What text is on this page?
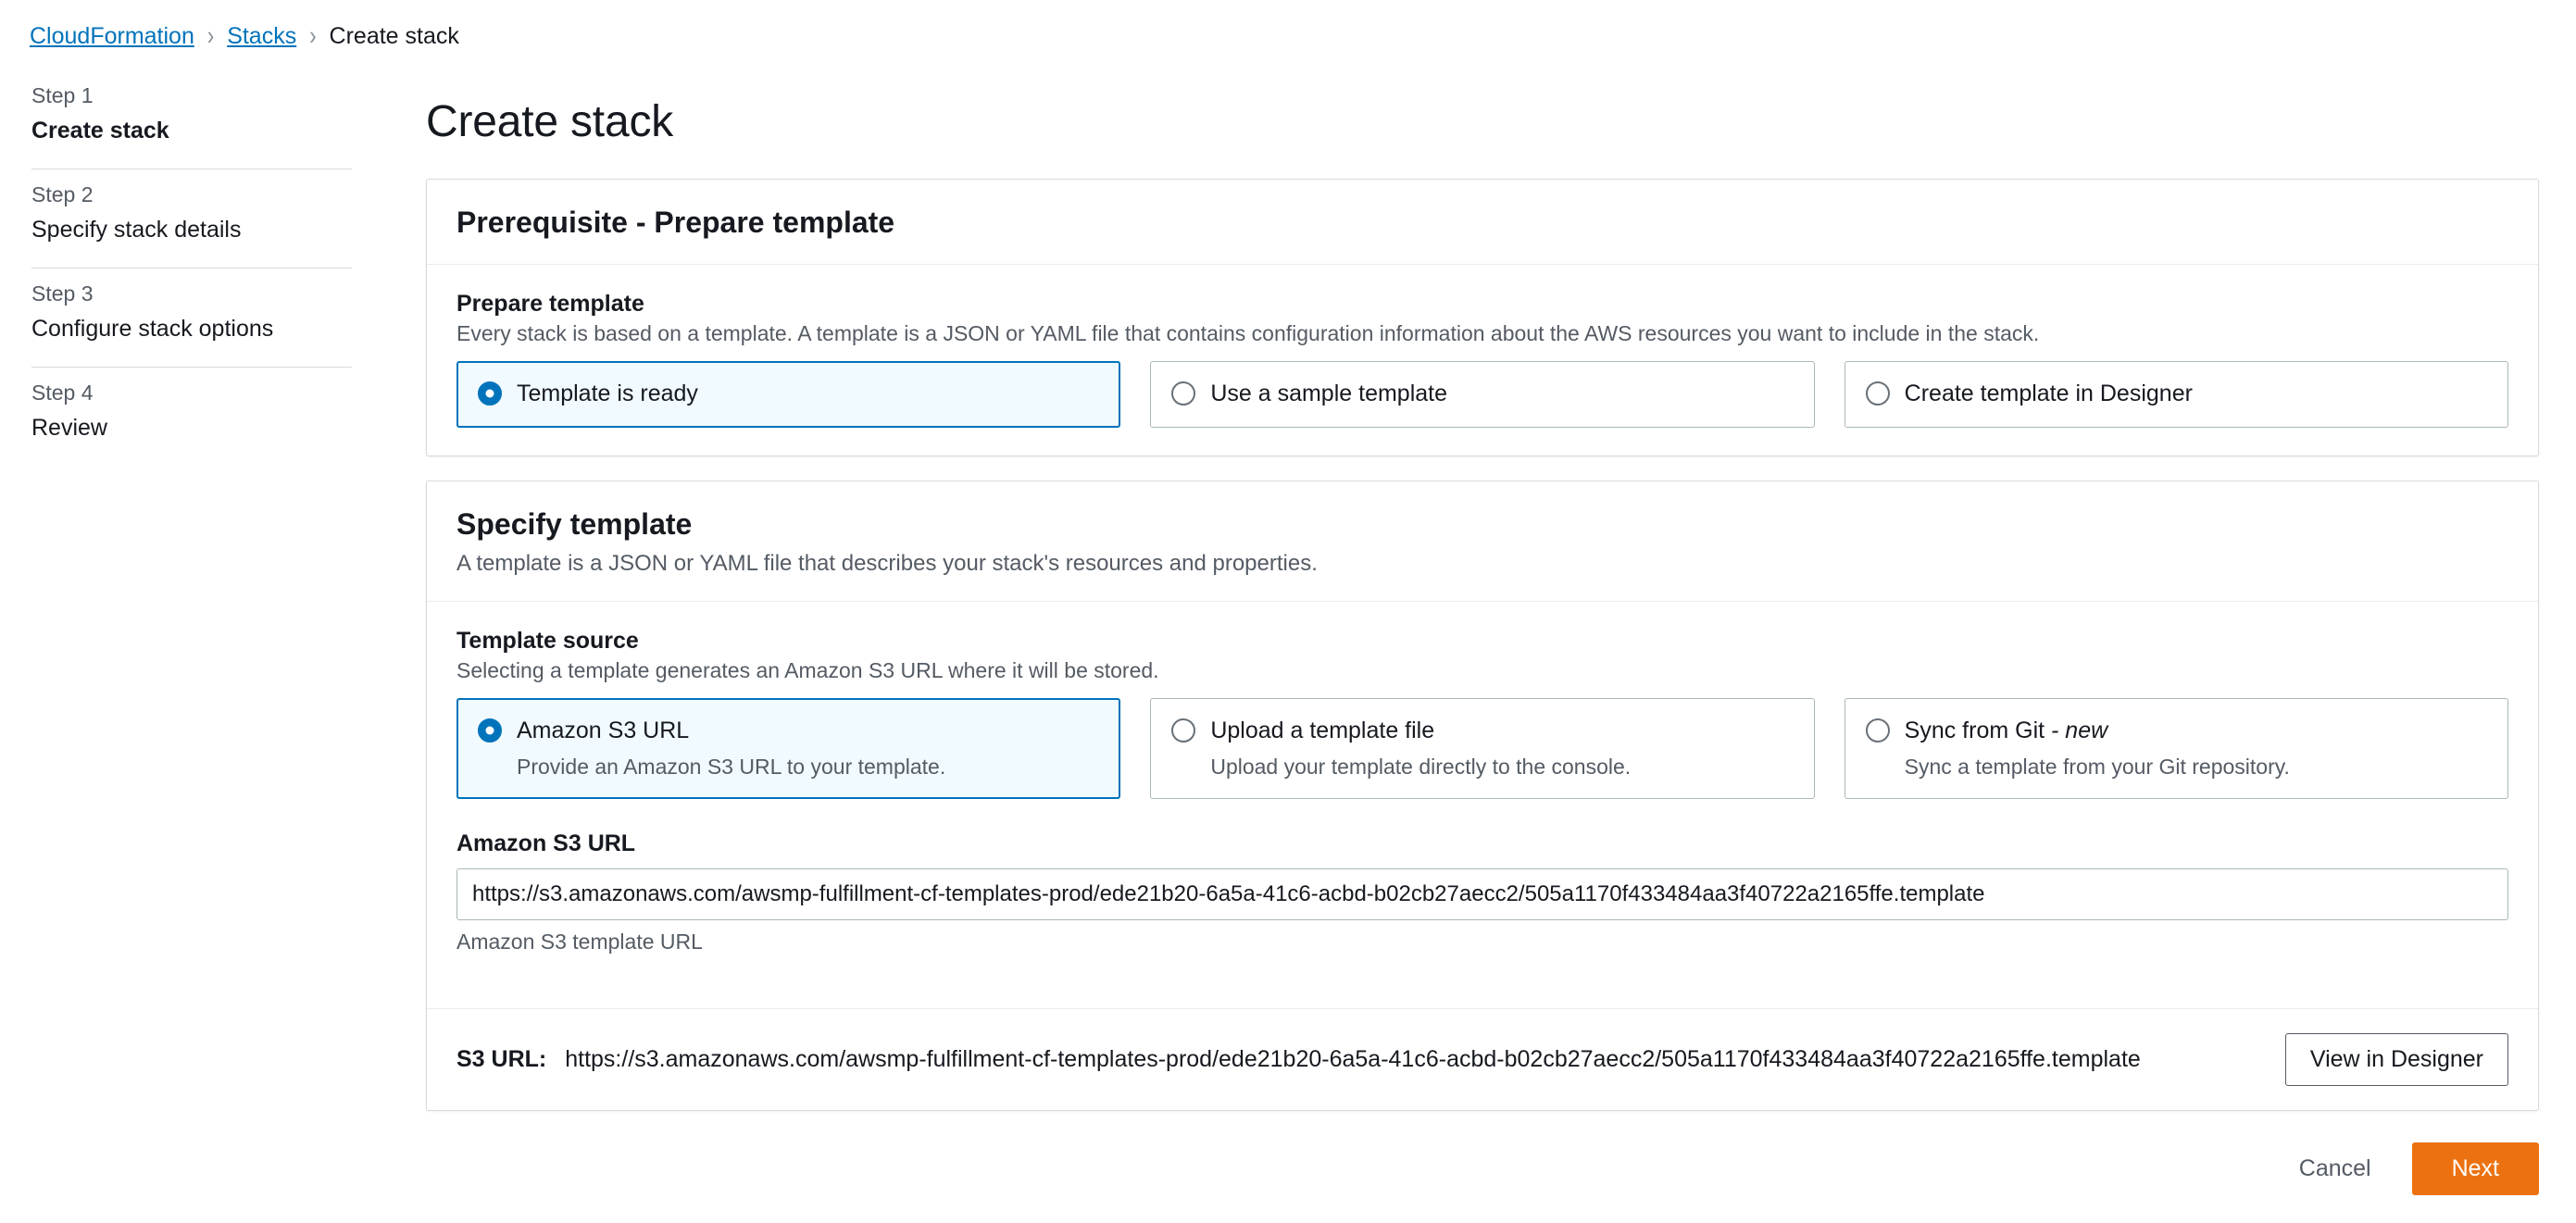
CloudFormation › Stacks › Create stack
Step 1
Create stack
Step 2
Specify stack details
Step 3
Configure stack options
Step 4
Review
Create stack
Prerequisite - Prepare template
Prepare template
Every stack is based on a template. A template is a JSON or YAML file that contains configuration information about the AWS resources you want to include in the stack.
Template is ready	Use a sample template	Create template in Designer
Specify template

A template is a JSON or YAML file that describes your stack's resources and properties.

Template source
Selecting a template generates an Amazon S3 URL where it will be stored.
Amazon S3 URL
Provide an Amazon S3 URL to your template.
Upload a template file
Upload your template directly to the console.
Sync from Git - new
Sync a template from your Git repository.
Amazon S3 URL
https://s3.amazonaws.com/awsmp-fulfillment-cf-templates-prod/ede21b20-6a5a-41c6-acbd-b02cb27aecc2/505a1170f433484aa3f40722a2165ffe.template
Amazon S3 template URL
S3 URL: https://s3.amazonaws.com/awsmp-fulfillment-cf-templates-prod/ede21b20-6a5a-41c6-acbd-b02cb27aecc2/505a1170f433484aa3f40722a2165ffe.template	View in Designer
Cancel	Next
